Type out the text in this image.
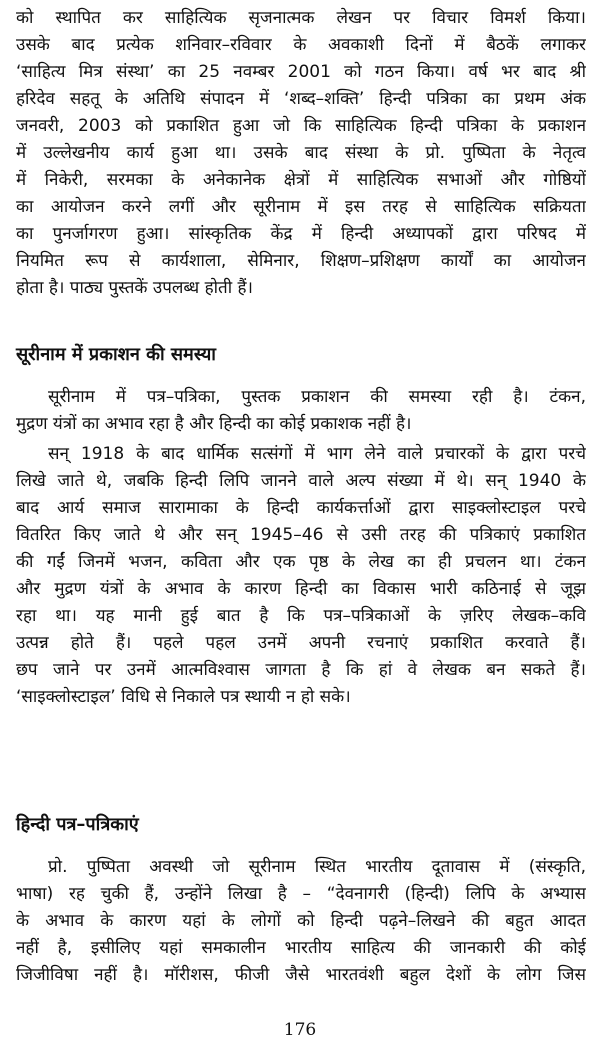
को स्थापित कर साहित्यिक सृजनात्मक लेखन पर विचार विमर्श किया।
उसके बाद प्रत्येक शनिवार–रविवार के अवकाशी दिनों में बैठकें लगाकर
‘साहित्य मित्र संस्था’ का 25 नवम्बर 2001 को गठन किया। वर्ष भर बाद श्री
हरिदेव सहतू के अतिथि संपादन में ‘शब्द–शक्ति’ हिन्दी पत्रिका का प्रथम अंक
जनवरी, 2003 को प्रकाशित हुआ जो कि साहित्यिक हिन्दी पत्रिका के प्रकाशन
में उल्लेखनीय कार्य हुआ था। उसके बाद संस्था के प्रो. पुष्पिता के नेतृत्व
में निकेरी, सरमका के अनेकानेक क्षेत्रों में साहित्यिक सभाओं और गोष्ठियों
का आयोजन करने लगीं और सूरीनाम में इस तरह से साहित्यिक सक्रियता
का पुनर्जागरण हुआ। सांस्कृतिक केंद्र में हिन्दी अध्यापकों द्वारा परिषद में
नियमित रूप से कार्यशाला, सेमिनार, शिक्षण–प्रशिक्षण कार्यों का आयोजन
होता है। पाठ्य पुस्तकें उपलब्ध होती हैं।
सूरीनाम में प्रकाशन की समस्या
सूरीनाम में पत्र–पत्रिका, पुस्तक प्रकाशन की समस्या रही है। टंकन,
मुद्रण यंत्रों का अभाव रहा है और हिन्दी का कोई प्रकाशक नहीं है।
सन् 1918 के बाद धार्मिक सत्संगों में भाग लेने वाले प्रचारकों के द्वारा परचे
लिखे जाते थे, जबकि हिन्दी लिपि जानने वाले अल्प संख्या में थे। सन् 1940 के
बाद आर्य समाज सारामाका के हिन्दी कार्यकर्त्ताओं द्वारा साइक्लोस्टाइल परचे
वितरित किए जाते थे और सन् 1945–46 से उसी तरह की पत्रिकाएं प्रकाशित
की गईं जिनमें भजन, कविता और एक पृष्ठ के लेख का ही प्रचलन था। टंकन
और मुद्रण यंत्रों के अभाव के कारण हिन्दी का विकास भारी कठिनाई से जूझ
रहा था। यह मानी हुई बात है कि पत्र–पत्रिकाओं के ज़रिए लेखक–कवि
उत्पन्न होते हैं। पहले पहल उनमें अपनी रचनाएं प्रकाशित करवाते हैं।
छप जाने पर उनमें आत्मविश्वास जागता है कि हां वे लेखक बन सकते हैं।
‘साइक्लोस्टाइल’ विधि से निकाले पत्र स्थायी न हो सके।
हिन्दी पत्र–पत्रिकाएं
प्रो. पुष्पिता अवस्थी जो सूरीनाम स्थित भारतीय दूतावास में (संस्कृति,
भाषा) रह चुकी हैं, उन्होंने लिखा है – “देवनागरी (हिन्दी) लिपि के अभ्यास
के अभाव के कारण यहां के लोगों को हिन्दी पढ़ने–लिखने की बहुत आदत
नहीं है, इसीलिए यहां समकालीन भारतीय साहित्य की जानकारी की कोई
जिजीविषा नहीं है। मॉरीशस, फीजी जैसे भारतवंशी बहुल देशों के लोग जिस
176
